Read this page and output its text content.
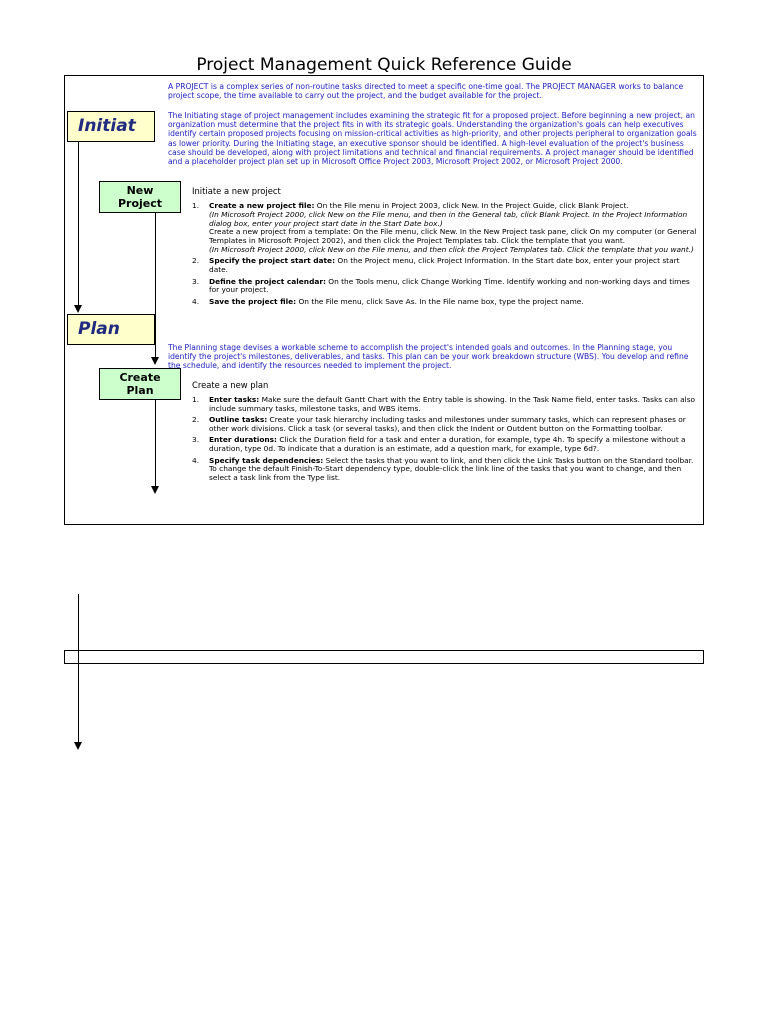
Project Management Quick Reference Guide
Initiat
Plan
New
Project
Create
Plan
A PROJECT is a complex series of non-routine tasks directed to meet a specific one-time goal. The PROJECT MANAGER works to balance project scope, the time available to carry out the project, and the budget available for the project.
The Initiating stage of project management includes examining the strategic fit for a proposed project. Before beginning a new project, an organization must determine that the project fits in with its strategic goals. Understanding the organization's goals can help executives identify certain proposed projects focusing on mission-critical activities as high-priority, and other projects peripheral to organization goals as lower priority. During the Initiating stage, an executive sponsor should be identified. A high-level evaluation of the project's business case should be developed, along with project limitations and technical and financial requirements. A project manager should be identified and a placeholder project plan set up in Microsoft Office Project 2003, Microsoft Project 2002, or Microsoft Project 2000.
Initiate a new project
1. Create a new project file: On the File menu in Project 2003, click New. In the Project Guide, click Blank Project.
(In Microsoft Project 2000, click New on the File menu, and then in the General tab, click Blank Project. In the Project Information dialog box, enter your project start date in the Start Date box.)
Create a new project from a template: On the File menu, click New. In the New Project task pane, click On my computer (or General Templates in Microsoft Project 2002), and then click the Project Templates tab. Click the template that you want.
(In Microsoft Project 2000, click New on the File menu, and then click the Project Templates tab. Click the template that you want.)
2. Specify the project start date: On the Project menu, click Project Information. In the Start date box, enter your project start date.
3. Define the project calendar: On the Tools menu, click Change Working Time. Identify working and non-working days and times for your project.
4. Save the project file: On the File menu, click Save As. In the File name box, type the project name.
The Planning stage devises a workable scheme to accomplish the project's intended goals and outcomes. In the Planning stage, you identify the project's milestones, deliverables, and tasks. This plan can be your work breakdown structure (WBS). You develop and refine the schedule, and identify the resources needed to implement the project.
Create a new plan
1. Enter tasks: Make sure the default Gantt Chart with the Entry table is showing. In the Task Name field, enter tasks. Tasks can also include summary tasks, milestone tasks, and WBS items.
2. Outline tasks: Create your task hierarchy including tasks and milestones under summary tasks, which can represent phases or other work divisions. Click a task (or several tasks), and then click the Indent or Outdent button on the Formatting toolbar.
3. Enter durations: Click the Duration field for a task and enter a duration, for example, type 4h. To specify a milestone without a duration, type 0d. To indicate that a duration is an estimate, add a question mark, for example, type 6d?.
4. Specify task dependencies: Select the tasks that you want to link, and then click the Link Tasks button on the Standard toolbar. To change the default Finish-To-Start dependency type, double-click the link line of the tasks that you want to change, and then select a task link from the Type list.
